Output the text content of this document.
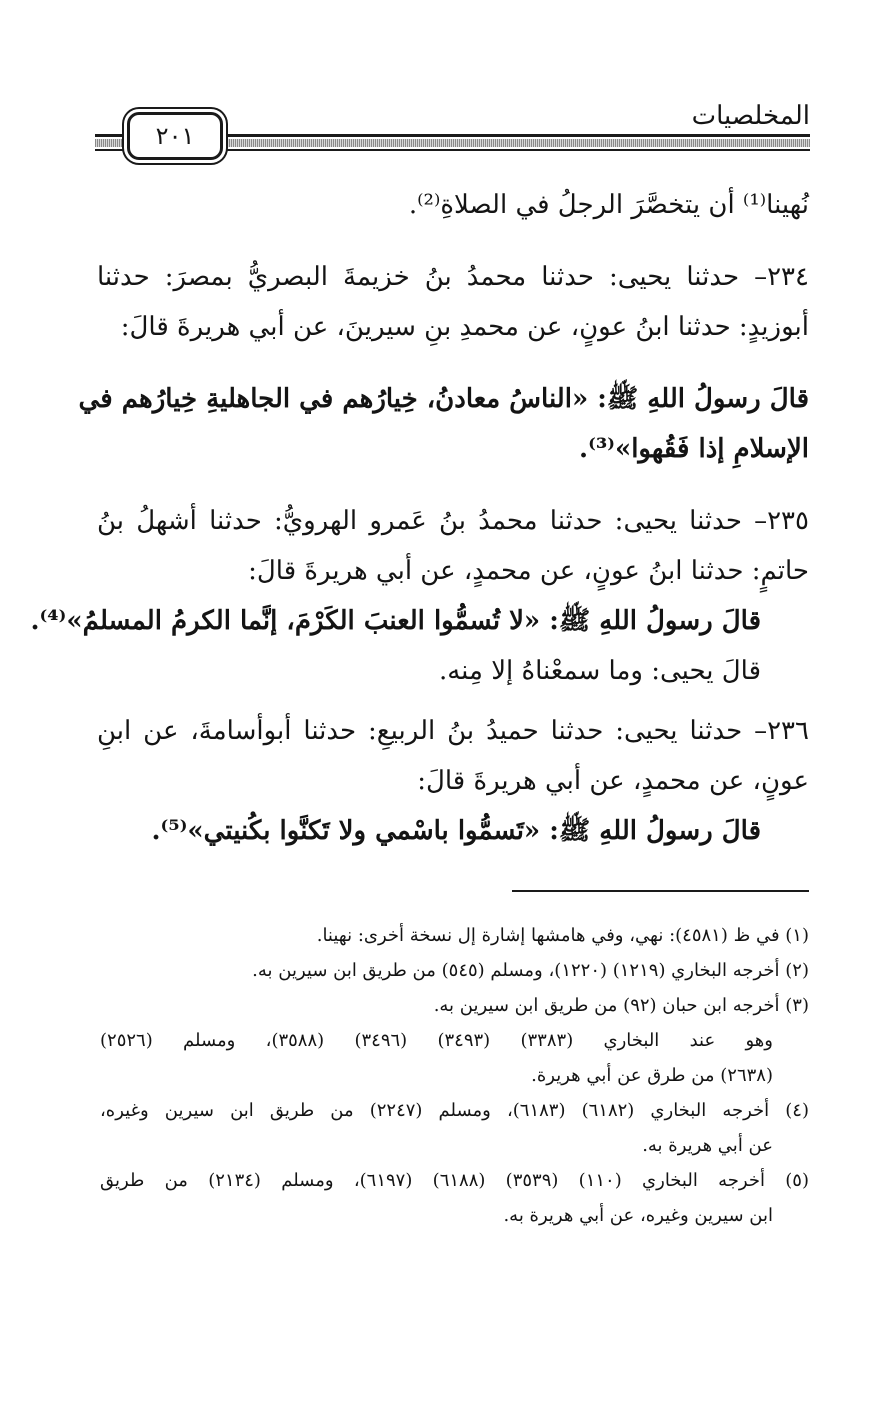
المخلصيات
٢٠١
نُهينا⁽¹⁾ أن يتخصَّرَ الرجلُ في الصلاةِ⁽²⁾.
٢٣٤– حدثنا يحيى: حدثنا محمدُ بنُ خزيمةَ البصريُّ بمصرَ: حدثنا
أبوزيدٍ: حدثنا ابنُ عونٍ، عن محمدِ بنِ سيرينَ، عن أبي هريرةَ قالَ:
قالَ رسولُ اللهِ ﷺ: «الناسُ معادنُ، خِيارُهم في الجاهليةِ خِيارُهم في
الإسلامِ إذا فَقُهوا»⁽³⁾.
٢٣٥– حدثنا يحيى: حدثنا محمدُ بنُ عَمرو الهرويُّ: حدثنا أشهلُ بنُ
حاتمٍ: حدثنا ابنُ عونٍ، عن محمدٍ، عن أبي هريرةَ قالَ:
قالَ رسولُ اللهِ ﷺ: «لا تُسمُّوا العنبَ الكَرْمَ، إنَّما الكرمُ المسلمُ»⁽⁴⁾.
قالَ يحيى: وما سمعْناهُ إلا مِنه.
٢٣٦– حدثنا يحيى: حدثنا حميدُ بنُ الربيعِ: حدثنا أبوأسامةَ، عن ابنِ
عونٍ، عن محمدٍ، عن أبي هريرةَ قالَ:
قالَ رسولُ اللهِ ﷺ: «تَسمُّوا باسْمي ولا تَكنَّوا بكُنيتي»⁽⁵⁾.
(١) في ظ (٤٥٨١): نهي، وفي هامشها إشارة إل نسخة أخرى: نهينا.
(٢) أخرجه البخاري (١٢١٩) (١٢٢٠)، ومسلم (٥٤٥) من طريق ابن سيرين به.
(٣) أخرجه ابن حبان (٩٢) من طريق ابن سيرين به.
وهو عند البخاري (٣٣٨٣) (٣٤٩٣) (٣٤٩٦) (٣٥٨٨)، ومسلم (٢٥٢٦)
(٢٦٣٨) من طرق عن أبي هريرة.
(٤) أخرجه البخاري (٦١٨٢) (٦١٨٣)، ومسلم (٢٢٤٧) من طريق ابن سيرين وغيره،
عن أبي هريرة به.
(٥) أخرجه البخاري (١١٠) (٣٥٣٩) (٦١٨٨) (٦١٩٧)، ومسلم (٢١٣٤) من طريق
ابن سيرين وغيره، عن أبي هريرة به.
